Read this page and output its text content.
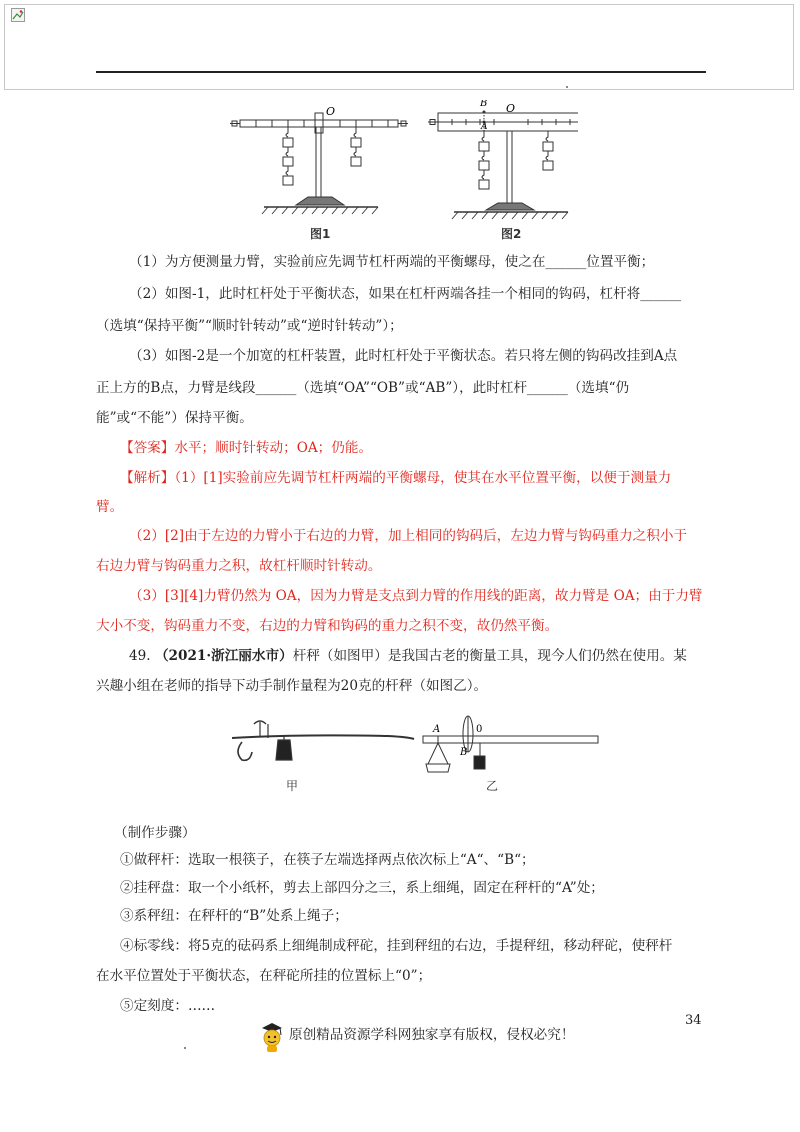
O
B
A
O
图1	图2
（1）为方便测量力臂，实验前应先调节杠杆两端的平衡螺母，使之在______位置平衡；
（2）如图-1，此时杠杆处于平衡状态，如果在杠杆两端各挂一个相同的钩码，杠杆将______
（选填“保持平衡”“顺时针转动”或“逆时针转动”）；
（3）如图-2是一个加宽的杠杆装置，此时杠杆处于平衡状态。若只将左侧的钩码改挂到A点
正上方的B点，力臂是线段______（选填“OA”“OB”或“AB”），此时杠杆______（选填“仍
能”或“不能”）保持平衡。
【答案】水平；顺时针转动；OA；仍能。
【解析】（1）[1]实验前应先调节杠杆两端的平衡螺母，使其在水平位置平衡，以便于测量力
臂。
（2）[2]由于左边的力臂小于右边的力臂，加上相同的钩码后，左边力臂与钩码重力之积小于
右边力臂与钩码重力之积，故杠杆顺时针转动。
（3）[3][4]力臂仍然为 OA，因为力臂是支点到力臂的作用线的距离，故力臂是 OA；由于力臂
大小不变，钩码重力不变，右边的力臂和钩码的重力之积不变，故仍然平衡。
49. （2021·浙江丽水市）杆秤（如图甲）是我国古老的衡量工具，现今人们仍然在使用。某
兴趣小组在老师的指导下动手制作量程为20克的杆秤（如图乙）。
A
B
0
甲	乙
（制作步骤）
①做秤杆：选取一根筷子，在筷子左端选择两点依次标上“A“、“B“；
②挂秤盘：取一个小纸杯，剪去上部四分之三，系上细绳，固定在秤杆的“A”处；
③系秤纽：在秤杆的“B”处系上绳子；
④标零线：将5克的砝码系上细绳制成秤砣，挂到秤纽的右边，手提秤纽，移动秤砣，使秤杆
在水平位置处于平衡状态，在秤砣所挂的位置标上“0”；
⑤定刻度：……
34
原创精品资源学科网独家享有版权，侵权必究！
